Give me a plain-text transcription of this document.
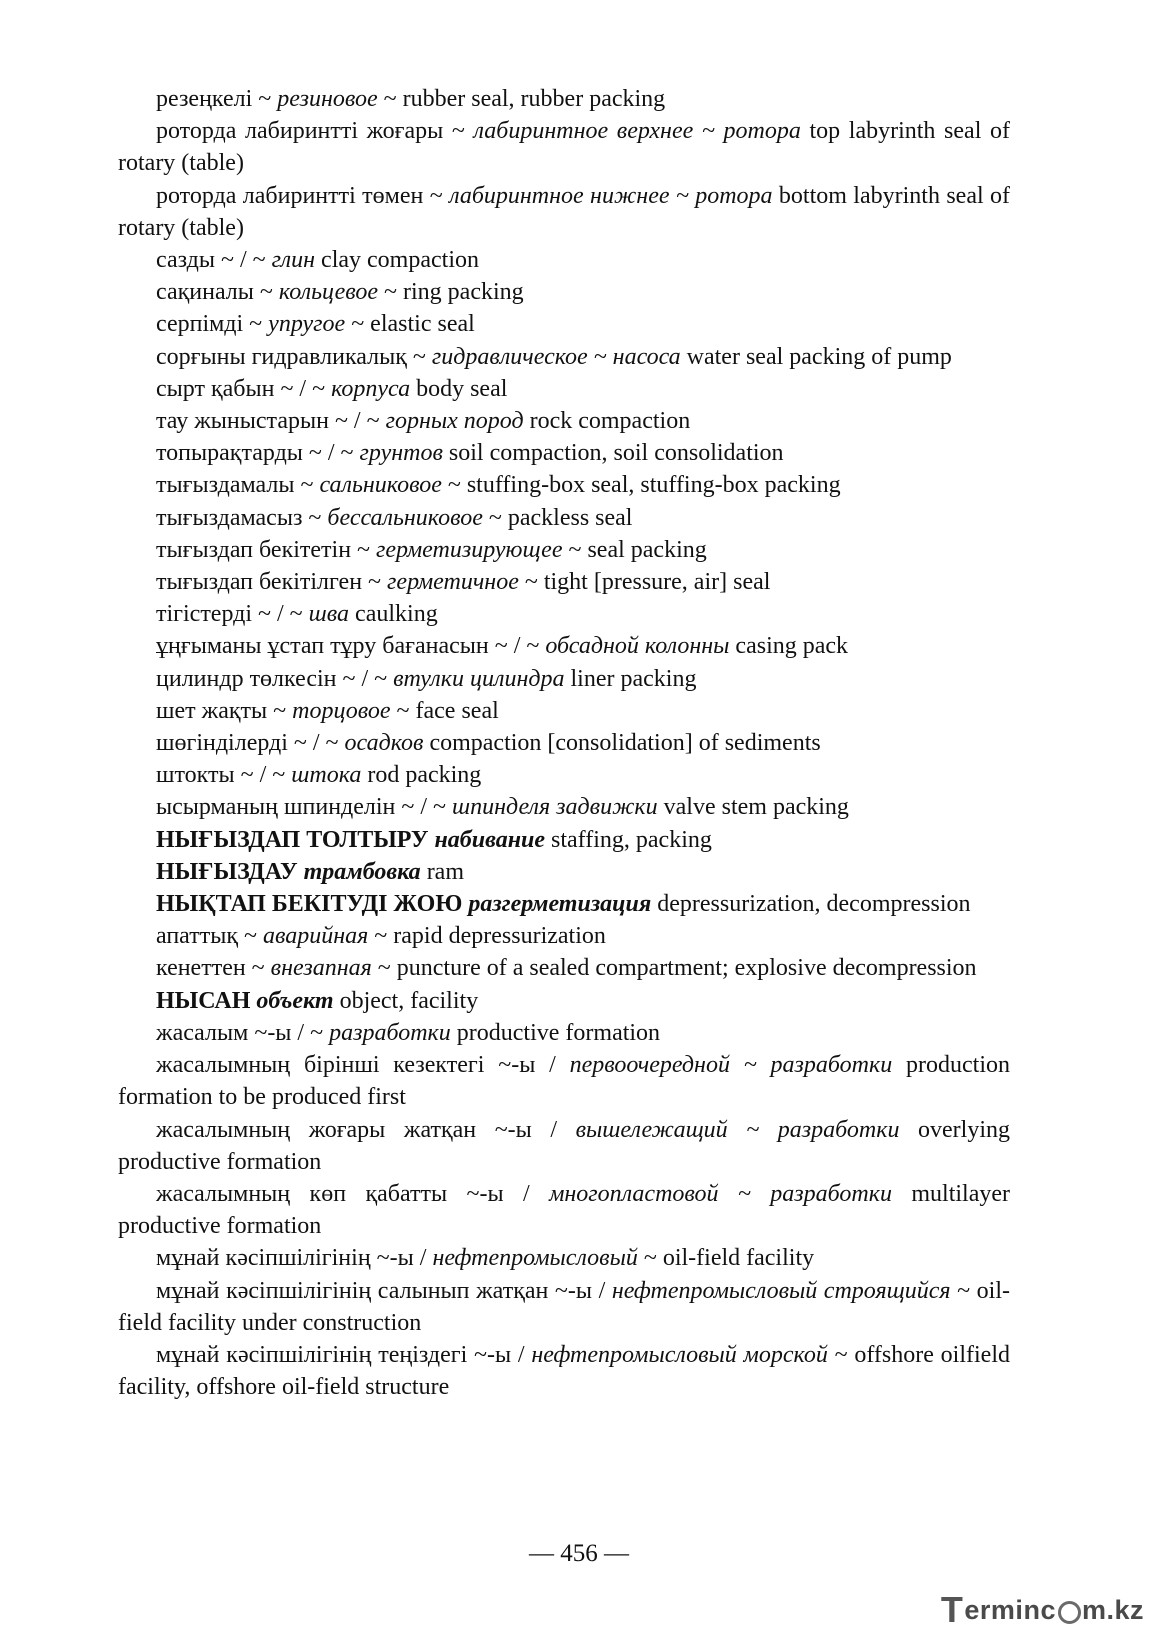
резеңкелі ~ резиновое ~ rubber seal, rubber packing

роторда лабиринтті жоғары ~ лабиринтное верхнее ~ ротора top labyrinth seal of rotary (table)

роторда лабиринтті төмен ~ лабиринтное нижнее ~ ротора bottom labyrinth seal of rotary (table)

сазды ~ / ~ глин clay compaction

сақиналы ~ кольцевое ~ ring packing

серпімді ~ упругое ~ elastic seal

сорғыны гидравликалық ~ гидравлическое ~ насоса water seal packing of pump

сырт қабын ~ / ~ корпуса body seal

тау жыныстарын ~ / ~ горных пород rock compaction

топырақтарды ~ / ~ грунтов soil compaction, soil consolidation

тығыздамалы ~ сальниковое ~ stuffing-box seal, stuffing-box packing

тығыздамасыз ~ бессальниковое ~ packless seal

тығыздап бекітетін ~ герметизирующее ~ seal packing

тығыздап бекітілген ~ герметичное ~ tight [pressure, air] seal

тігістерді ~ / ~ шва caulking

ұңғыманы ұстап тұру бағанасын ~ / ~ обсадной колонны casing pack

цилиндр төлкесін ~ / ~ втулки цилиндра liner packing

шет жақты ~ торцовое ~ face seal

шөгінділерді ~ / ~ осадков compaction [consolidation] of sediments

штокты ~ / ~ штока rod packing

ысырманың шпинделін ~ / ~ шпинделя задвижки valve stem packing

НЫҒЫЗДАП ТОЛТЫРУ набивание staffing, packing

НЫҒЫЗДАУ трамбовка ram

НЫҚТАП БЕКІТУДІ ЖОЮ разгерметизация depressurization, decompression

апаттық ~ аварийная ~ rapid depressurization

кенеттен ~ внезапная ~ puncture of a sealed compartment; explosive decompression

НЫСАН объект object, facility

жасалым ~-ы / ~ разработки productive formation

жасалымның бірінші кезектегі ~-ы / первоочередной ~ разработки production formation to be produced first

жасалымның жоғары жатқан ~-ы / вышележащий ~ разработки overlying productive formation

жасалымның көп қабатты ~-ы / многопластовой ~ разработки multilayer productive formation

мұнай кәсіпшілігінің ~-ы / нефтепромысловый ~ oil-field facility

мұнай кәсіпшілігінің салынып жатқан ~-ы / нефтепромысловый строящийся ~ oil-field facility under construction

мұнай кәсіпшілігінің теңіздегі ~-ы / нефтепромысловый морской ~ offshore oilfield facility, offshore oil-field structure

— 456 —
T ermin c m.kz
